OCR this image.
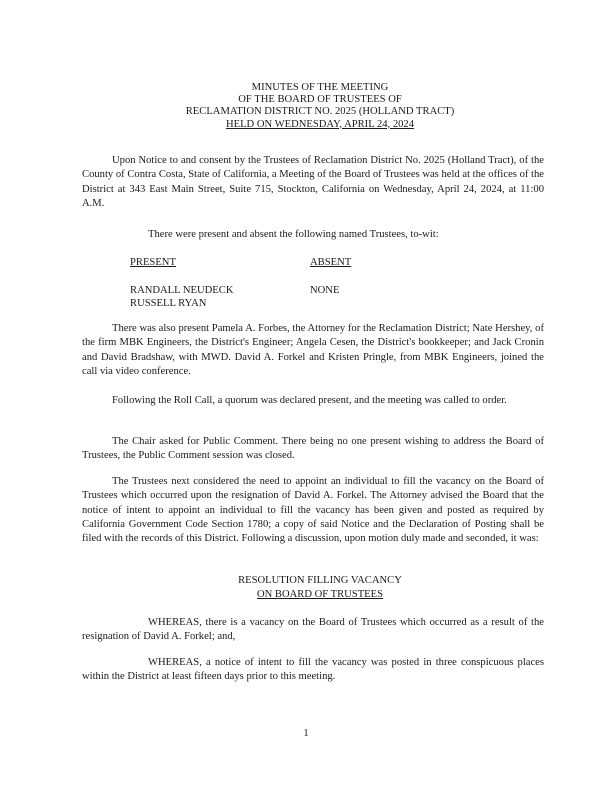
MINUTES OF THE MEETING
OF THE BOARD OF TRUSTEES OF
RECLAMATION DISTRICT NO. 2025 (HOLLAND TRACT)
HELD ON WEDNESDAY, APRIL 24, 2024
Upon Notice to and consent by the Trustees of Reclamation District No. 2025 (Holland Tract), of the County of Contra Costa, State of California, a Meeting of the Board of Trustees was held at the offices of the District at 343 East Main Street, Suite 715, Stockton, California on Wednesday, April 24, 2024, at 11:00 A.M.
There were present and absent the following named Trustees, to-wit:
PRESENT	ABSENT
RANDALL NEUDECK	NONE
RUSSELL RYAN
There was also present Pamela A. Forbes, the Attorney for the Reclamation District; Nate Hershey, of the firm MBK Engineers, the District's Engineer; Angela Cesen, the District's bookkeeper; and Jack Cronin and David Bradshaw, with MWD. David A. Forkel and Kristen Pringle, from MBK Engineers, joined the call via video conference.
Following the Roll Call, a quorum was declared present, and the meeting was called to order.
The Chair asked for Public Comment. There being no one present wishing to address the Board of Trustees, the Public Comment session was closed.
The Trustees next considered the need to appoint an individual to fill the vacancy on the Board of Trustees which occurred upon the resignation of David A. Forkel. The Attorney advised the Board that the notice of intent to appoint an individual to fill the vacancy has been given and posted as required by California Government Code Section 1780; a copy of said Notice and the Declaration of Posting shall be filed with the records of this District. Following a discussion, upon motion duly made and seconded, it was:
RESOLUTION FILLING VACANCY
ON BOARD OF TRUSTEES
WHEREAS, there is a vacancy on the Board of Trustees which occurred as a result of the resignation of David A. Forkel; and,
WHEREAS, a notice of intent to fill the vacancy was posted in three conspicuous places within the District at least fifteen days prior to this meeting.
1
